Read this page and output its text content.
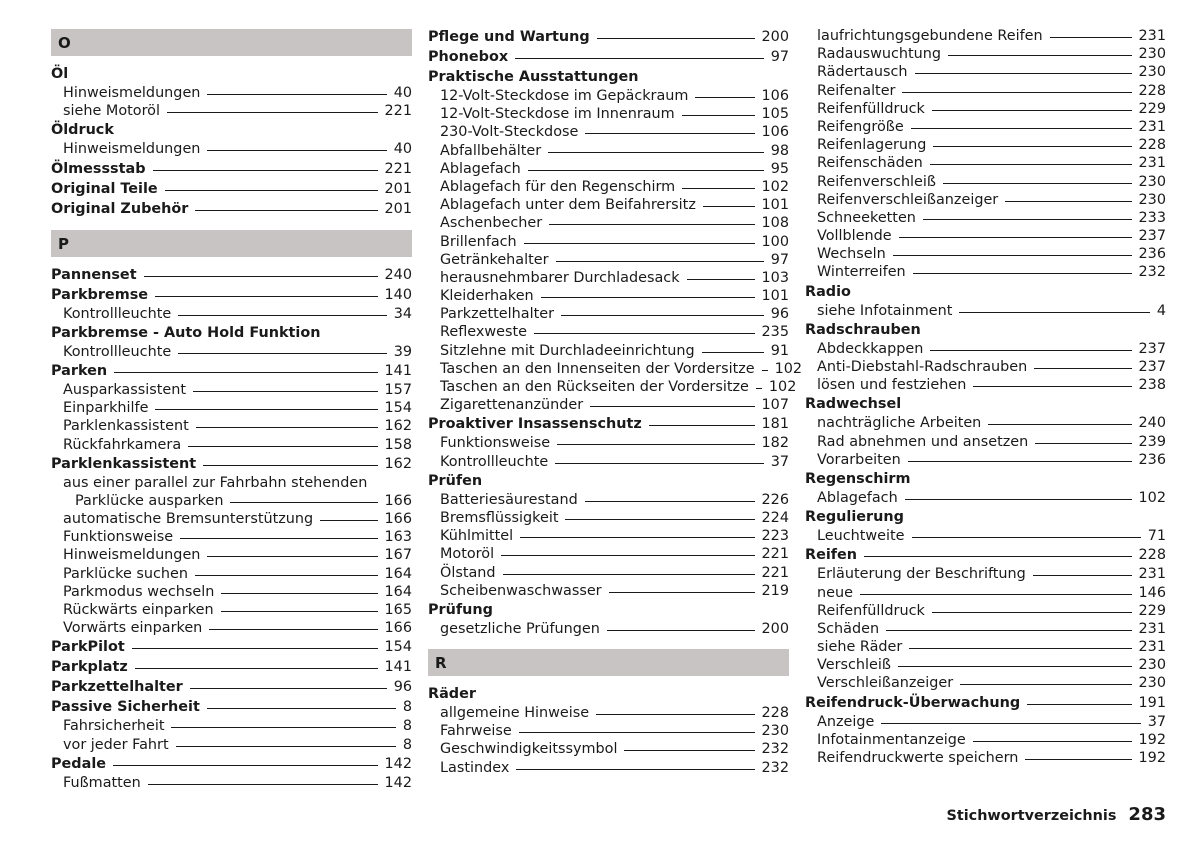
O
Öl
Hinweismeldungen	40
siehe Motoröl	221
Öldruck
Hinweismeldungen	40
Ölmessstab	221
Original Teile	201
Original Zubehör	201
P
Pannenset	240
Parkbremse	140
Kontrollleuchte	34
Parkbremse - Auto Hold Funktion
Kontrollleuchte	39
Parken	141
Ausparkassistent	157
Einparkhilfe	154
Parklenkassistent	162
Rückfahrkamera	158
Parklenkassistent	162
aus einer parallel zur Fahrbahn stehenden
Parklücke ausparken	166
automatische Bremsunterstützung	166
Funktionsweise	163
Hinweismeldungen	167
Parklücke suchen	164
Parkmodus wechseln	164
Rückwärts einparken	165
Vorwärts einparken	166
ParkPilot	154
Parkplatz	141
Parkzettelhalter	96
Passive Sicherheit	8
Fahrsicherheit	8
vor jeder Fahrt	8
Pedale	142
Fußmatten	142
Pflege und Wartung	200
Phonebox	97
Praktische Ausstattungen
12-Volt-Steckdose im Gepäckraum	106
12-Volt-Steckdose im Innenraum	105
230-Volt-Steckdose	106
Abfallbehälter	98
Ablagefach	95
Ablagefach für den Regenschirm	102
Ablagefach unter dem Beifahrersitz	101
Aschenbecher	108
Brillenfach	100
Getränkehalter	97
herausnehmbarer Durchladesack	103
Kleiderhaken	101
Parkzettelhalter	96
Reflexweste	235
Sitzlehne mit Durchladeeinrichtung	91
Taschen an den Innenseiten der Vordersitze 102
Taschen an den Rückseiten der Vordersitze 102
Zigarettenanzünder	107
Proaktiver Insassenschutz	181
Funktionsweise	182
Kontrollleuchte	37
Prüfen
Batteriesäurestand	226
Bremsflüssigkeit	224
Kühlmittel	223
Motoröl	221
Ölstand	221
Scheibenwaschwasser	219
Prüfung
gesetzliche Prüfungen	200
R
Räder
allgemeine Hinweise	228
Fahrweise	230
Geschwindigkeitssymbol	232
Lastindex	232
laufrichtungsgebundene Reifen	231
Radauswuchtung	230
Rädertausch	230
Reifenalter	228
Reifenfülldruck	229
Reifengröße	231
Reifenlagerung	228
Reifenschäden	231
Reifenverschleiß	230
Reifenverschleißanzeiger	230
Schneeketten	233
Vollblende	237
Wechseln	236
Winterreifen	232
Radio
siehe Infotainment	4
Radschrauben
Abdeckkappen	237
Anti-Diebstahl-Radschrauben	237
lösen und festziehen	238
Radwechsel
nachträgliche Arbeiten	240
Rad abnehmen und ansetzen	239
Vorarbeiten	236
Regenschirm
Ablagefach	102
Regulierung
Leuchtweite	71
Reifen	228
Erläuterung der Beschriftung	231
neue	146
Reifenfülldruck	229
Schäden	231
siehe Räder	231
Verschleiß	230
Verschleißanzeiger	230
Reifendruck-Überwachung	191
Anzeige	37
Infotainmentanzeige	192
Reifendruckwerte speichern	192
Stichwortverzeichnis 283
